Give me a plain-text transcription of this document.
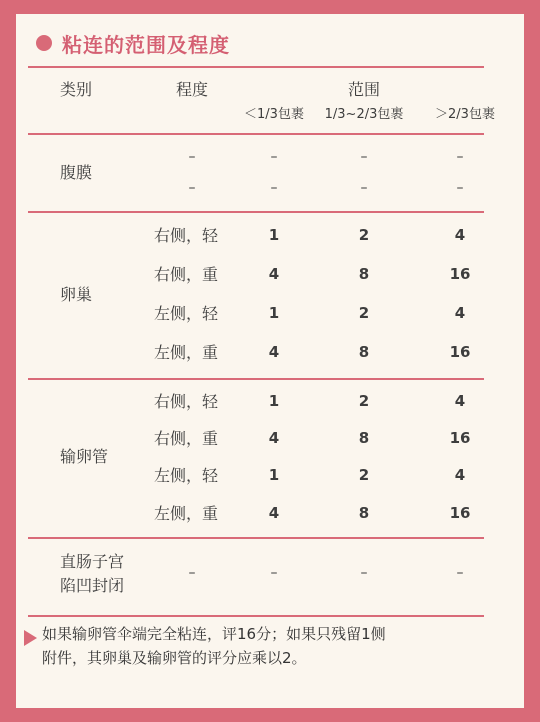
粘连的范围及程度
类别	程度	范围
＜1/3包裹 1/3~2/3包裹 ＞2/3包裹
腹膜
–	–	–	–
–	–	–	–
卵巢
右侧，轻	1	2	4
右侧，重	4	8	16
左侧，轻	1	2	4
左侧，重	4	8	16
输卵管
右侧，轻	1	2	4
右侧，重	4	8	16
左侧，轻	1	2	4
左侧，重	4	8	16
直肠子宫
陷凹封闭
–	–	–	–
如果输卵管伞端完全粘连，评16分；如果只残留1侧
附件，其卵巢及输卵管的评分应乘以2。
